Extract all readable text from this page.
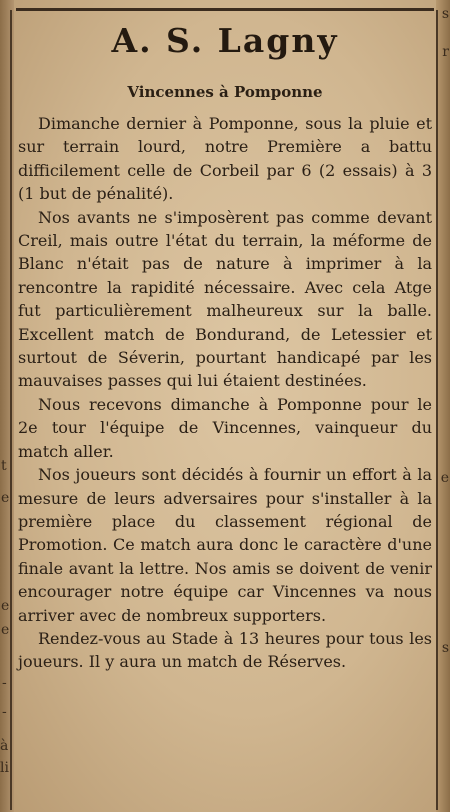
t
e
e
e
-
-
à
li
s
r
e
s
A. S. Lagny
Vincennes à Pomponne

Dimanche dernier à Pomponne, sous la pluie et sur terrain lourd, notre Première a battu difficilement celle de Corbeil par 6 (2 essais) à 3 (1 but de pénalité).

Nos avants ne s'imposèrent pas comme devant Creil, mais outre l'état du terrain, la méforme de Blanc n'était pas de nature à imprimer à la rencontre la rapidité nécessaire. Avec cela Atge fut particulièrement malheureux sur la balle. Excellent match de Bondurand, de Letessier et surtout de Séverin, pourtant handicapé par les mauvaises passes qui lui étaient destinées.

Nous recevons dimanche à Pomponne pour le 2e tour l'équipe de Vincennes, vainqueur du match aller.

Nos joueurs sont décidés à fournir un effort à la mesure de leurs adversaires pour s'installer à la première place du classement régional de Promotion. Ce match aura donc le caractère d'une finale avant la lettre. Nos amis se doivent de venir encourager notre équipe car Vincennes va nous arriver avec de nombreux supporters.

Rendez-vous au Stade à 13 heures pour tous les joueurs. Il y aura un match de Réserves.
